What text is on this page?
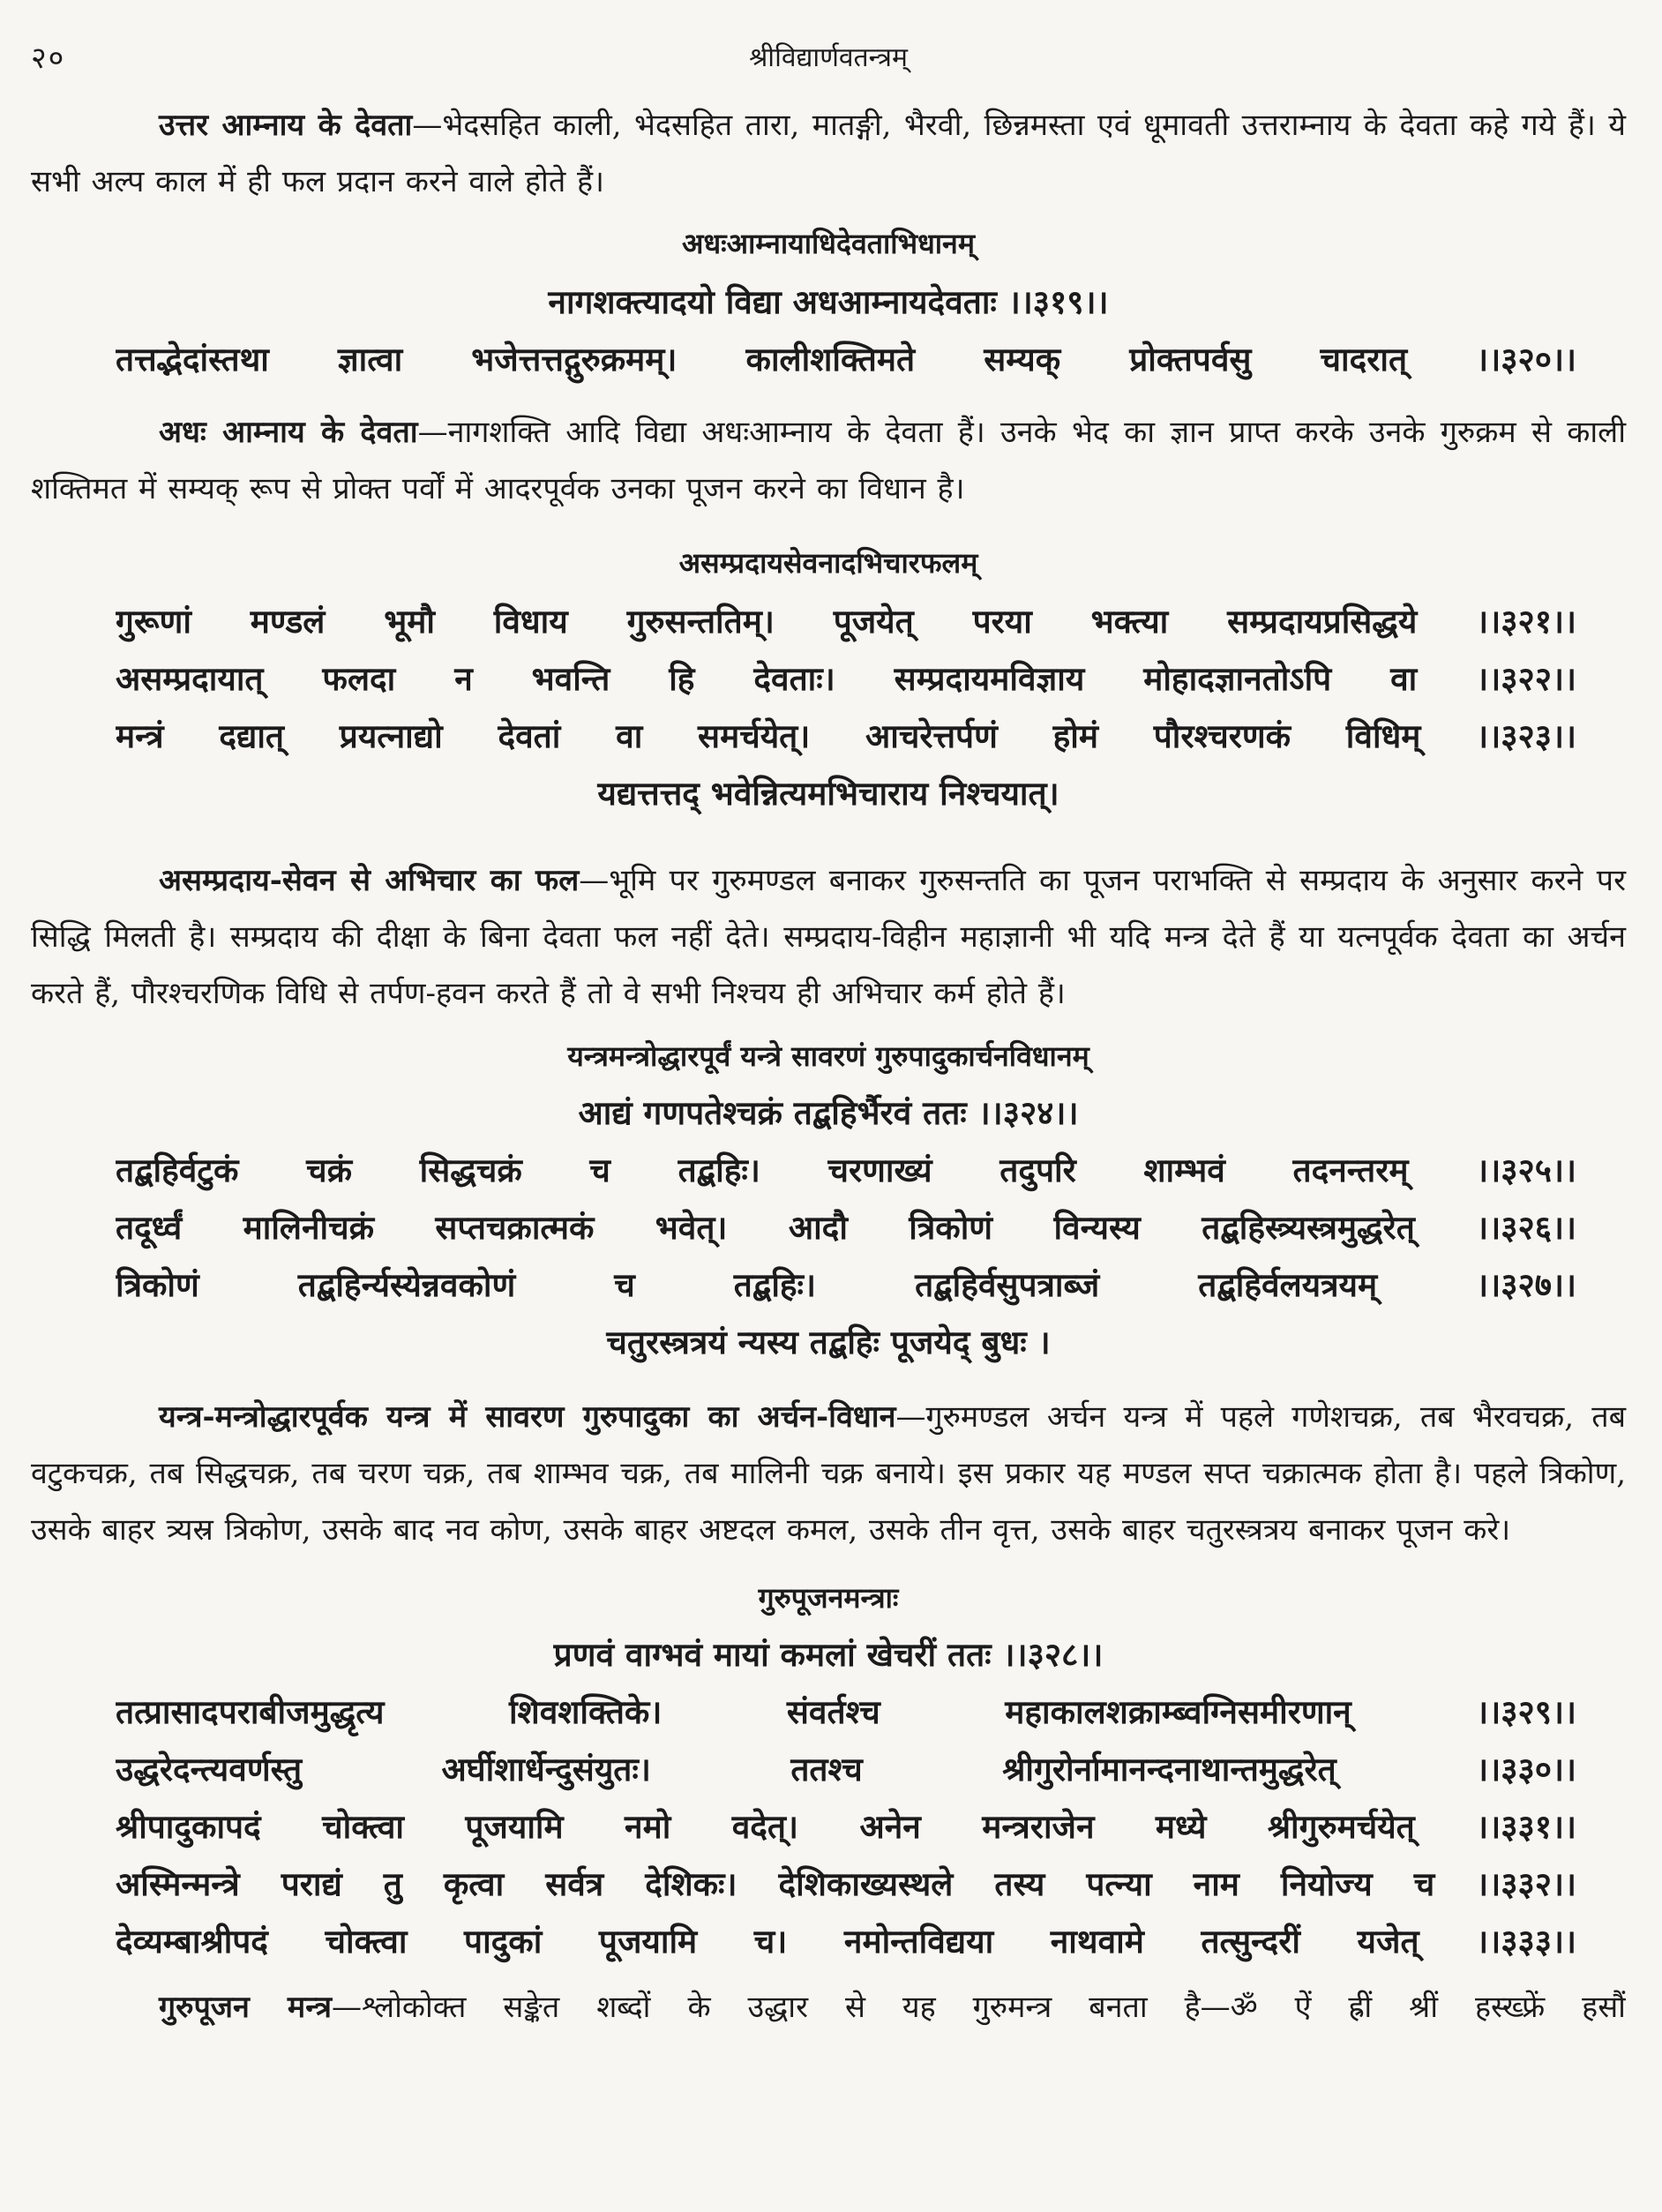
२०	श्रीविद्यार्णवतन्त्रम्

उत्तर आम्नाय के देवता—भेदसहित काली, भेदसहित तारा, मातङ्गी, भैरवी, छिन्नमस्ता एवं धूमावती उत्तराम्नाय के देवता कहे गये हैं। ये सभी अल्प काल में ही फल प्रदान करने वाले होते हैं।

अधःआम्नायाधिदेवताभिधानम्
नागशक्त्यादयो विद्या अधआम्नायदेवताः ।।३१९।।
तत्तद्भेदांस्तथा ज्ञात्वा भजेत्तत्तद्गुरुक्रमम्। कालीशक्तिमते सम्यक् प्रोक्तपर्वसु चादरात् ।।३२०।।

अधः आम्नाय के देवता—नागशक्ति आदि विद्या अधःआम्नाय के देवता हैं। उनके भेद का ज्ञान प्राप्त करके उनके गुरुक्रम से काली शक्तिमत में सम्यक् रूप से प्रोक्त पर्वों में आदरपूर्वक उनका पूजन करने का विधान है।

असम्प्रदायसेवनादभिचारफलम्
गुरूणां मण्डलं भूमौ विधाय गुरुसन्ततिम्। पूजयेत् परया भक्त्या सम्प्रदायप्रसिद्धये ।।३२१।।
असम्प्रदायात् फलदा न भवन्ति हि देवताः। सम्प्रदायमविज्ञाय मोहादज्ञानतोऽपि वा ।।३२२।।
मन्त्रं दद्यात् प्रयत्नाद्यो देवतां वा समर्चयेत्। आचरेत्तर्पणं होमं पौरश्चरणकं विधिम् ।।३२३।।
यद्यत्तत्तद् भवेन्नित्यमभिचाराय निश्चयात्।

असम्प्रदाय-सेवन से अभिचार का फल—भूमि पर गुरुमण्डल बनाकर गुरुसन्तति का पूजन पराभक्ति से सम्प्रदाय के अनुसार करने पर सिद्धि मिलती है। सम्प्रदाय की दीक्षा के बिना देवता फल नहीं देते। सम्प्रदाय-विहीन महाज्ञानी भी यदि मन्त्र देते हैं या यत्नपूर्वक देवता का अर्चन करते हैं, पौरश्चरणिक विधि से तर्पण-हवन करते हैं तो वे सभी निश्चय ही अभिचार कर्म होते हैं।

यन्त्रमन्त्रोद्धारपूर्वं यन्त्रे सावरणं गुरुपादुकार्चनविधानम्
आद्यं गणपतेश्चक्रं तद्बहिर्भैरवं ततः ।।३२४।।
तद्बहिर्वटुकं चक्रं सिद्धचक्रं च तद्बहिः। चरणाख्यं तदुपरि शाम्भवं तदनन्तरम् ।।३२५।।
तदूर्ध्वं मालिनीचक्रं सप्तचक्रात्मकं भवेत्। आदौ त्रिकोणं विन्यस्य तद्बहिस्त्र्यस्त्रमुद्धरेत् ।।३२६।।
त्रिकोणं तद्बहिर्न्यस्येन्नवकोणं च तद्बहिः। तद्बहिर्वसुपत्राब्जं तद्बहिर्वलयत्रयम् ।।३२७।।
चतुरस्त्रत्रयं न्यस्य तद्बहिः पूजयेद् बुधः ।

यन्त्र-मन्त्रोद्धारपूर्वक यन्त्र में सावरण गुरुपादुका का अर्चन-विधान—गुरुमण्डल अर्चन यन्त्र में पहले गणेशचक्र, तब भैरवचक्र, तब वटुकचक्र, तब सिद्धचक्र, तब चरण चक्र, तब शाम्भव चक्र, तब मालिनी चक्र बनाये। इस प्रकार यह मण्डल सप्त चक्रात्मक होता है। पहले त्रिकोण, उसके बाहर त्र्यस्र त्रिकोण, उसके बाद नव कोण, उसके बाहर अष्टदल कमल, उसके तीन वृत्त, उसके बाहर चतुरस्त्रत्रय बनाकर पूजन करे।

गुरुपूजनमन्त्राः
प्रणवं वाग्भवं मायां कमलां खेचरीं ततः ।।३२८।।
तत्प्रासादपराबीजमुद्धृत्य शिवशक्तिके। संवर्तश्च महाकालशक्राम्ब्वग्निसमीरणान् ।।३२९।।
उद्धरेदन्त्यवर्णस्तु अर्घीशार्धेन्दुसंयुतः। ततश्च श्रीगुरोर्नामानन्दनाथान्तमुद्धरेत् ।।३३०।।
श्रीपादुकापदं चोक्त्वा पूजयामि नमो वदेत्। अनेन मन्त्रराजेन मध्ये श्रीगुरुमर्चयेत् ।।३३१।।
अस्मिन्मन्त्रे पराद्यं तु कृत्वा सर्वत्र देशिकः। देशिकाख्यस्थले तस्य पत्न्या नाम नियोज्य च ।।३३२।।
देव्यम्बाश्रीपदं चोक्त्वा पादुकां पूजयामि च। नमोन्तविद्यया नाथवामे तत्सुन्दरीं यजेत् ।।३३३।।

गुरुपूजन मन्त्र—श्लोकोक्त सङ्केत शब्दों के उद्धार से यह गुरुमन्त्र बनता है—ॐ ऐं ह्रीं श्रीं हस्ख्फ्रें हसौं
